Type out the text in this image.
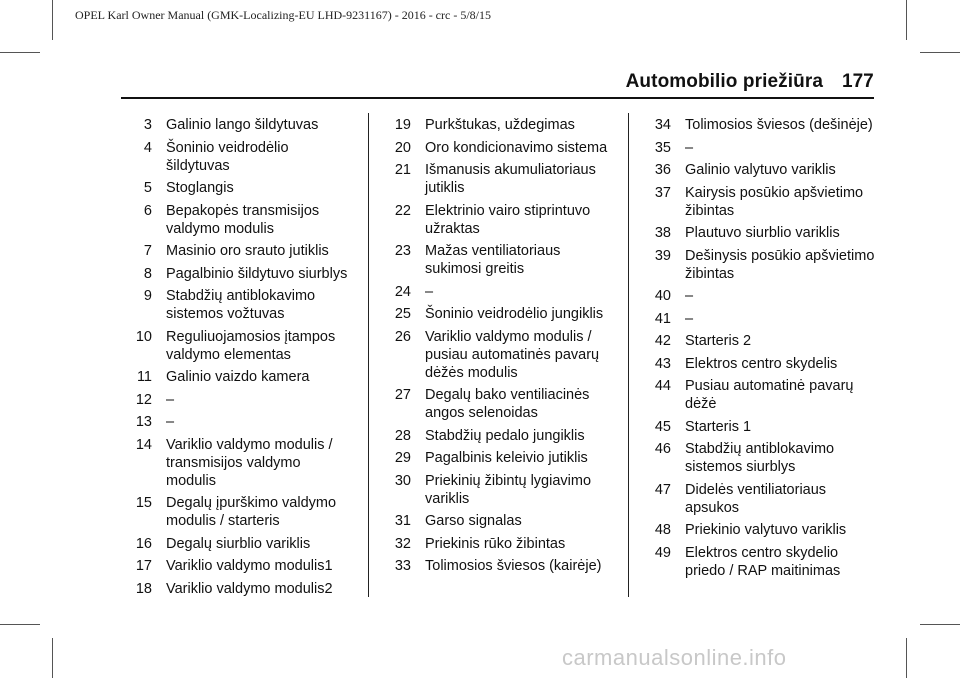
OPEL Karl Owner Manual (GMK-Localizing-EU LHD-9231167) - 2016 - crc - 5/8/15
Automobilio priežiūra 177
3 Galinio lango šildytuvas
4 Šoninio veidrodėlio šildytuvas
5 Stoglangis
6 Bepakopės transmisijos valdymo modulis
7 Masinio oro srauto jutiklis
8 Pagalbinio šildytuvo siurblys
9 Stabdžių antiblokavimo sistemos vožtuvas
10 Reguliuojamosios įtampos valdymo elementas
11 Galinio vaizdo kamera
12 –
13 –
14 Variklio valdymo modulis / transmisijos valdymo modulis
15 Degalų įpurškimo valdymo modulis / starteris
16 Degalų siurblio variklis
17 Variklio valdymo modulis1
18 Variklio valdymo modulis2
19 Purkštukas, uždegimas
20 Oro kondicionavimo sistema
21 Išmanusis akumuliatoriaus jutiklis
22 Elektrinio vairo stiprintuvo užraktas
23 Mažas ventiliatoriaus sukimosi greitis
24 –
25 Šoninio veidrodėlio jungiklis
26 Variklio valdymo modulis / pusiau automatinės pavarų dėžės modulis
27 Degalų bako ventiliacinės angos selenoidas
28 Stabdžių pedalo jungiklis
29 Pagalbinis keleivio jutiklis
30 Priekinių žibintų lygiavimo variklis
31 Garso signalas
32 Priekinis rūko žibintas
33 Tolimosios šviesos (kairėje)
34 Tolimosios šviesos (dešinėje)
35 –
36 Galinio valytuvo variklis
37 Kairysis posūkio apšvietimo žibintas
38 Plautuvo siurblio variklis
39 Dešinysis posūkio apšvietimo žibintas
40 –
41 –
42 Starteris 2
43 Elektros centro skydelis
44 Pusiau automatinė pavarų dėžė
45 Starteris 1
46 Stabdžių antiblokavimo sistemos siurblys
47 Didelės ventiliatoriaus apsukos
48 Priekinio valytuvo variklis
49 Elektros centro skydelio priedo / RAP maitinimas
carmanualsonline.info
